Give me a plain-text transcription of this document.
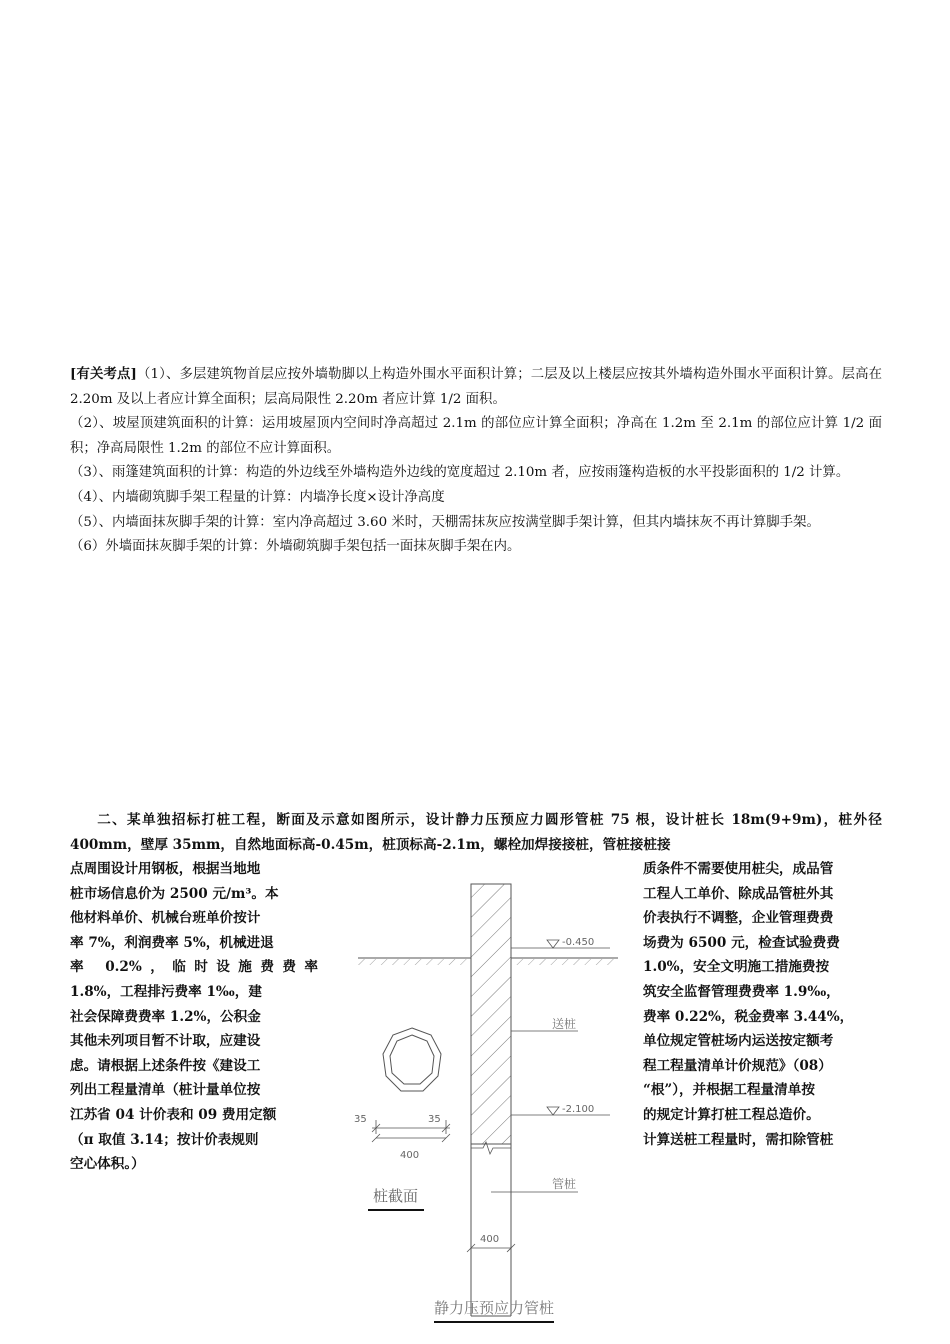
[有关考点]（1）、多层建筑物首层应按外墙勒脚以上构造外围水平面积计算；二层及以上楼层应按其外墙构造外围水平面积计算。层高在 2.20m 及以上者应计算全面积；层高局限性 2.20m 者应计算 1/2 面积。

（2）、坡屋顶建筑面积的计算：运用坡屋顶内空间时净高超过 2.1m 的部位应计算全面积；净高在 1.2m 至 2.1m 的部位应计算 1/2 面积；净高局限性 1.2m 的部位不应计算面积。

（3）、雨篷建筑面积的计算：构造的外边线至外墙构造外边线的宽度超过 2.10m 者，应按雨篷构造板的水平投影面积的 1/2 计算。

（4）、内墙砌筑脚手架工程量的计算：内墙净长度×设计净高度

（5）、内墙面抹灰脚手架的计算：室内净高超过 3.60 米时，天棚需抹灰应按满堂脚手架计算，但其内墙抹灰不再计算脚手架。

（6）外墙面抹灰脚手架的计算：外墙砌筑脚手架包括一面抹灰脚手架在内。

二、某单独招标打桩工程，断面及示意如图所示，设计静力压预应力圆形管桩 75 根，设计桩长 18m(9+9m)，桩外径 400mm，壁厚 35mm，自然地面标高-0.45m，桩顶标高-2.1m，螺栓加焊接接桩，管桩接桩接

点周围设计用钢板，根据当地地
桩市场信息价为 2500 元/m³。本
他材料单价、机械台班单价按计
率 7%，利润费率 5%，机械进退
率 0.2%，临时设施费费率
1.8%，工程排污费率 1‰，建
社会保障费费率 1.2%，公积金
其他未列项目暂不计取，应建设
虑。请根据上述条件按《建设工
列出工程量清单（桩计量单位按
江苏省 04 计价表和 09 费用定额
（π 取值 3.14；按计价表规则
空心体积。）
质条件不需要使用桩尖，成品管
工程人工单价、除成品管桩外其
价表执行不调整，企业管理费费
场费为 6500 元，检查试验费费
1.0%，安全文明施工措施费按
筑安全监督管理费费率 1.9‰，
费率 0.22%，税金费率 3.44%，
单位规定管桩场内运送按定额考
程工程量清单计价规范》（08）
“根”），并根据工程量清单按
的规定计算打桩工程总造价。
计算送桩工程量时，需扣除管桩
-0.450
-2.100
送桩
管桩
400
35	35
400
桩截面
静力压预应力管桩
